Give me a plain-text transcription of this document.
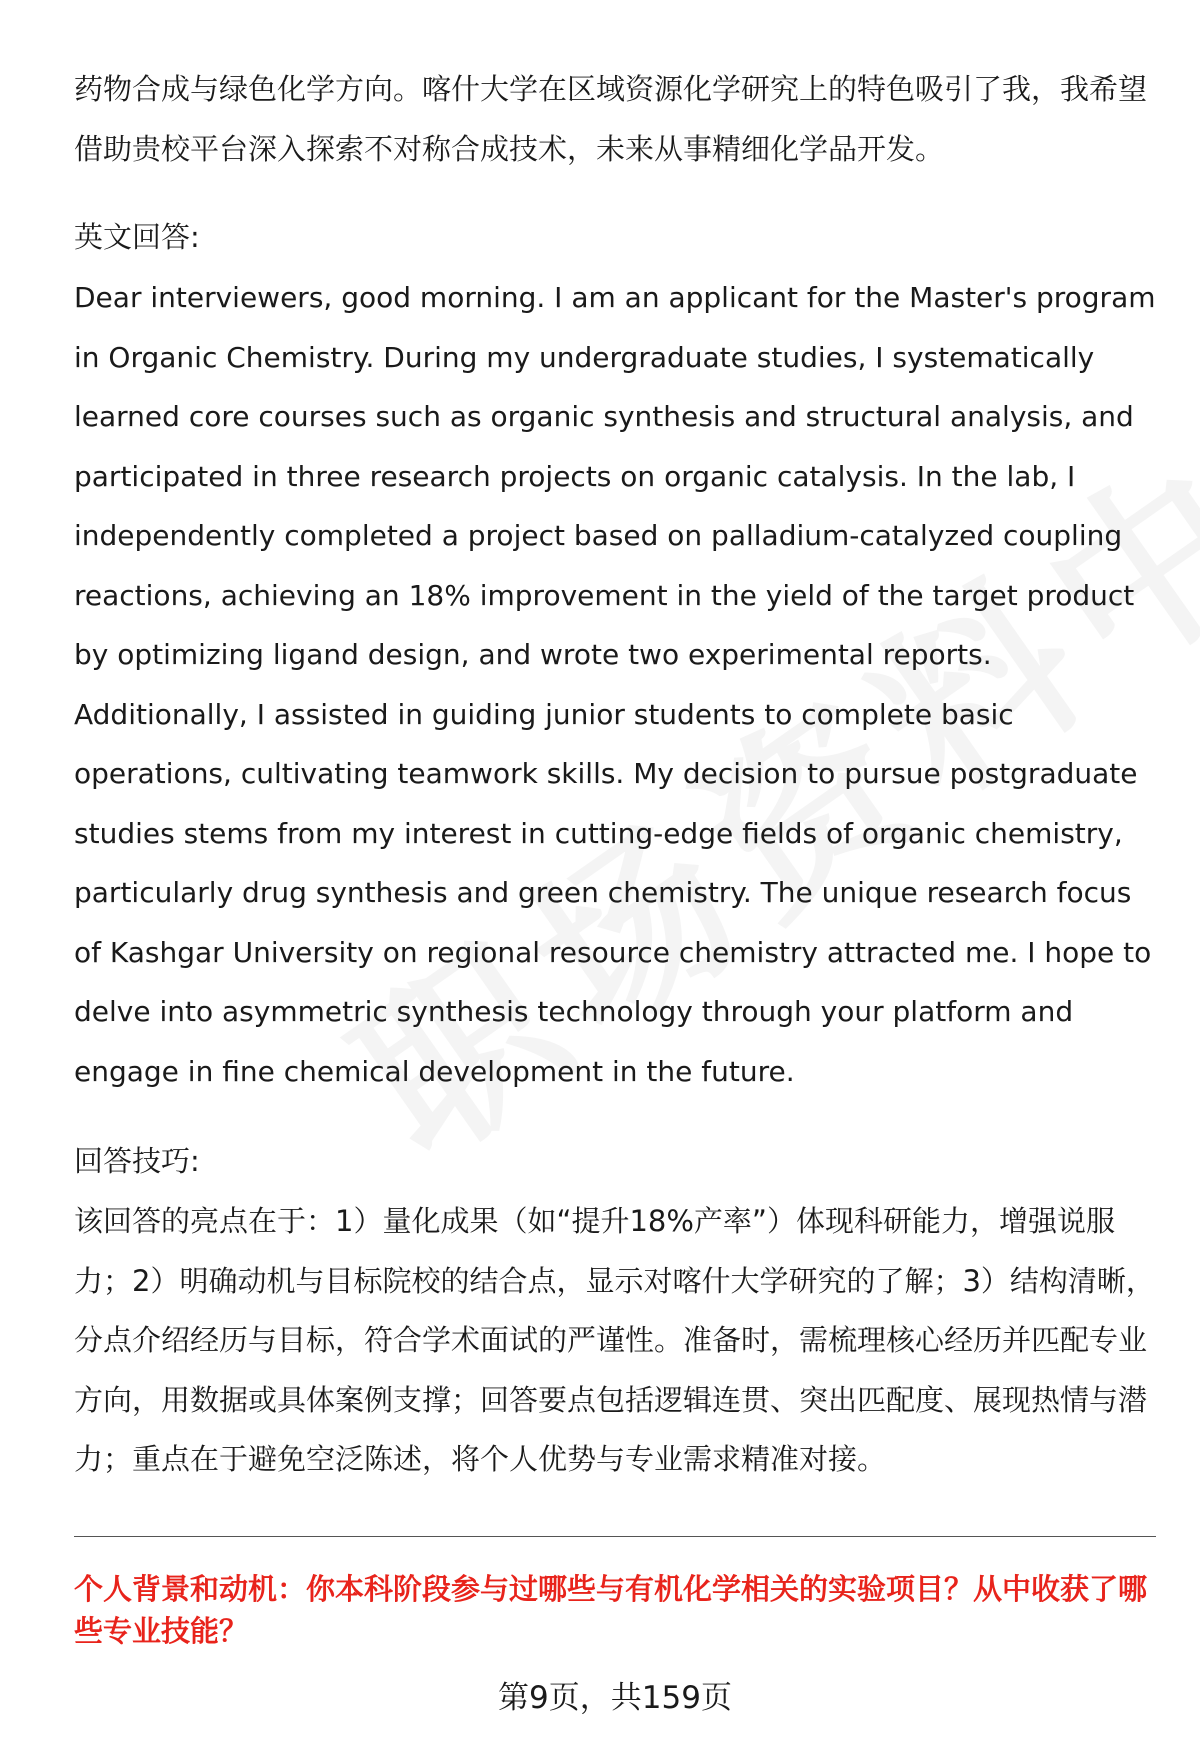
药物合成与绿色化学方向。喀什大学在区域资源化学研究上的特色吸引了我，我希望借助贵校平台深入探索不对称合成技术，未来从事精细化学品开发。

英文回答:

Dear interviewers, good morning. I am an applicant for the Master's program in Organic Chemistry. During my undergraduate studies, I systematically learned core courses such as organic synthesis and structural analysis, and participated in three research projects on organic catalysis. In the lab, I independently completed a project based on palladium-catalyzed coupling reactions, achieving an 18% improvement in the yield of the target product by optimizing ligand design, and wrote two experimental reports. Additionally, I assisted in guiding junior students to complete basic operations, cultivating teamwork skills. My decision to pursue postgraduate studies stems from my interest in cutting-edge fields of organic chemistry, particularly drug synthesis and green chemistry. The unique research focus of Kashgar University on regional resource chemistry attracted me. I hope to delve into asymmetric synthesis technology through your platform and engage in fine chemical development in the future.

回答技巧:

该回答的亮点在于：1）量化成果（如“提升18%产率”）体现科研能力，增强说服力；2）明确动机与目标院校的结合点，显示对喀什大学研究的了解；3）结构清晰，分点介绍经历与目标，符合学术面试的严谨性。准备时，需梳理核心经历并匹配专业方向，用数据或具体案例支撑；回答要点包括逻辑连贯、突出匹配度、展现热情与潜力；重点在于避免空泛陈述，将个人优势与专业需求精准对接。

个人背景和动机：你本科阶段参与过哪些与有机化学相关的实验项目？从中收获了哪些专业技能？

第9页，共159页
